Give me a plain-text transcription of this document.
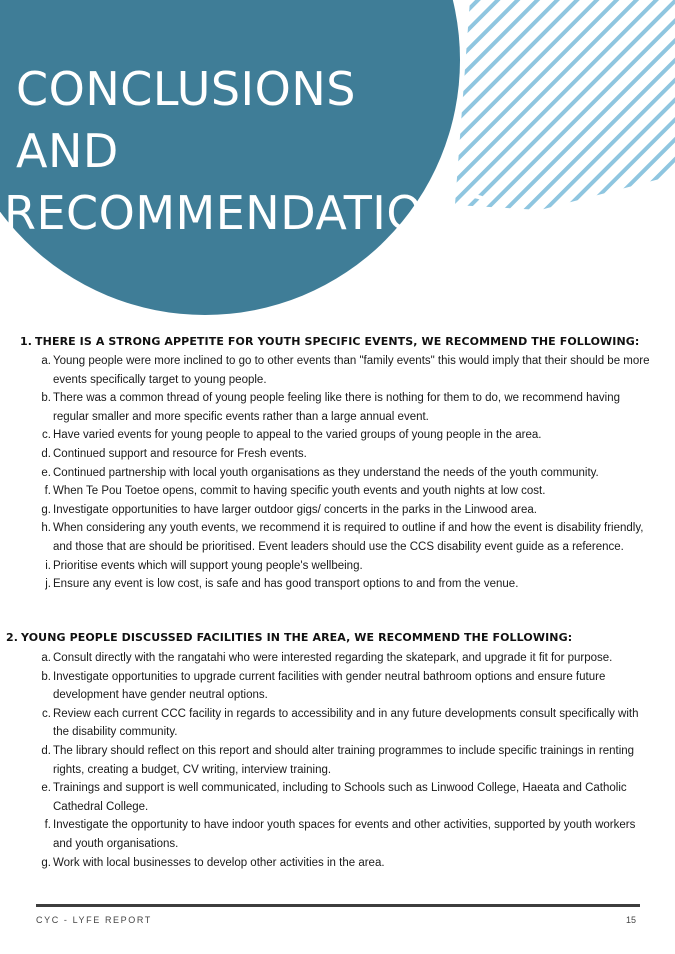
CONCLUSIONS AND
RECOMMENDATIONS
1. THERE IS A STRONG APPETITE FOR YOUTH SPECIFIC EVENTS, WE RECOMMEND THE FOLLOWING:
a. Young people were more inclined to go to other events than "family events" this would imply that their should be more events specifically target to young people.
b. There was a common thread of young people feeling like there is nothing for them to do, we recommend having regular smaller and more specific events rather than a large annual event.
c. Have varied events for young people to appeal to the varied groups of young people in the area.
d. Continued support and resource for Fresh events.
e. Continued partnership with local youth organisations as they understand the needs of the youth community.
f. When Te Pou Toetoe opens, commit to having specific youth events and youth nights at low cost.
g. Investigate opportunities to have larger outdoor gigs/ concerts in the parks in the Linwood area.
h. When considering any youth events, we recommend it is required to outline if and how the event is disability friendly, and those that are should be prioritised. Event leaders should use the CCS disability event guide as a reference.
i. Prioritise events which will support young people's wellbeing.
j. Ensure any event is low cost, is safe and has good transport options to and from the venue.
2. YOUNG PEOPLE DISCUSSED FACILITIES IN THE AREA, WE RECOMMEND THE FOLLOWING:
a. Consult directly with the rangatahi who were interested regarding the skatepark, and upgrade it fit for purpose.
b. Investigate opportunities to upgrade current facilities with gender neutral bathroom options and ensure future development have gender neutral options.
c. Review each current CCC facility in regards to accessibility and in any future developments consult specifically with the disability community.
d. The library should reflect on this report and should alter training programmes to include specific trainings in renting rights, creating a budget, CV writing, interview training.
e. Trainings and support is well communicated, including to Schools such as Linwood College, Haeata and Catholic Cathedral College.
f. Investigate the opportunity to have indoor youth spaces for events and other activities, supported by youth workers and youth organisations.
g. Work with local businesses to develop other activities in the area.
CYC - LYFE REPORT	15
